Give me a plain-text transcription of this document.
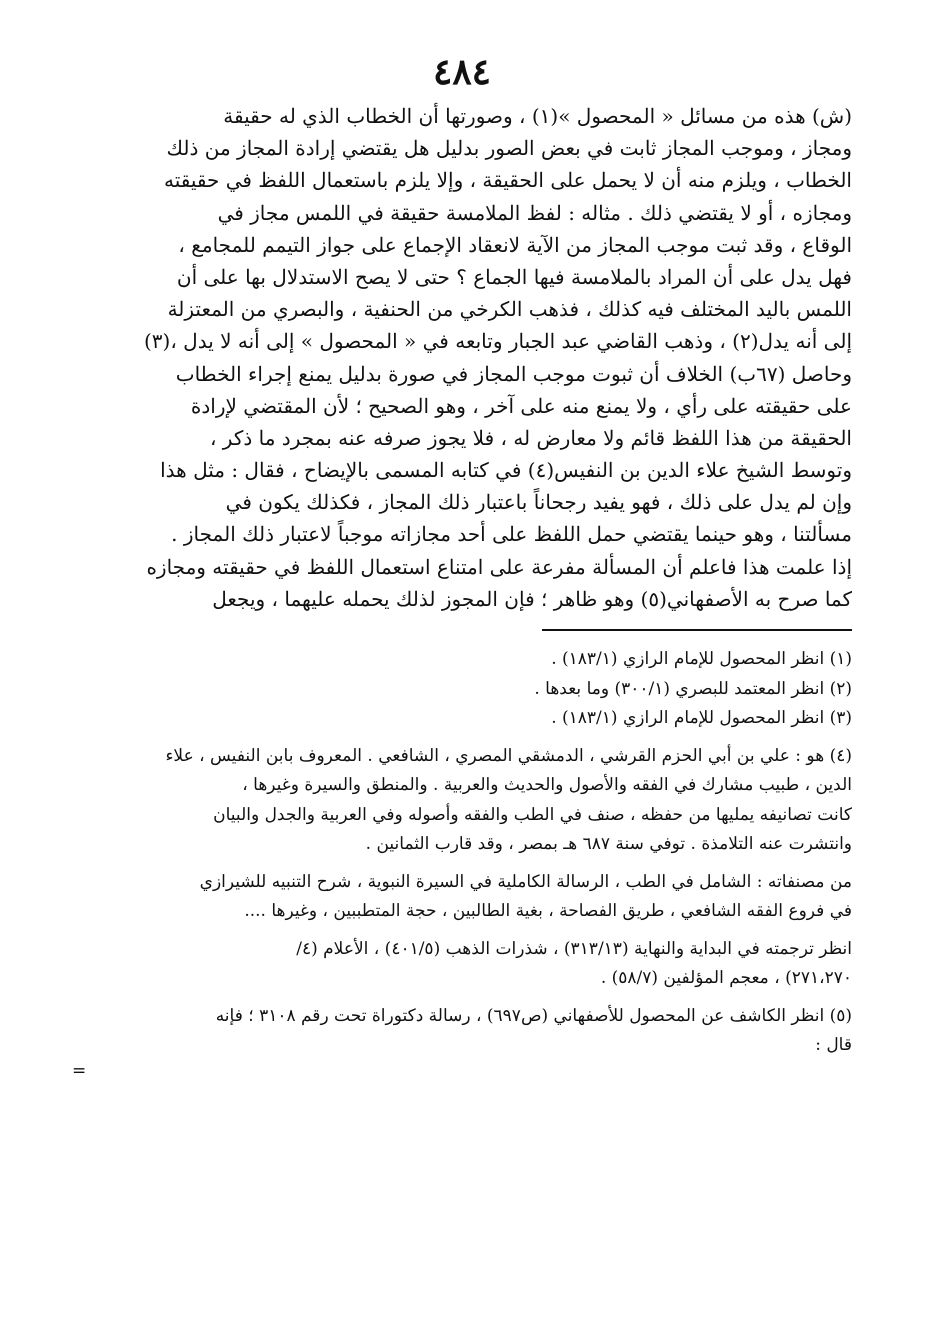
٤٨٤
(ش) هذه من مسائل « المحصول »(١) ، وصورتها أن الخطاب الذي له حقيقة
ومجاز ، وموجب المجاز ثابت في بعض الصور بدليل هل يقتضي إرادة المجاز من ذلك
الخطاب ، ويلزم منه أن لا يحمل على الحقيقة ، وإلا يلزم باستعمال اللفظ في حقيقته
ومجازه ، أو لا يقتضي ذلك . مثاله : لفظ الملامسة حقيقة في اللمس مجاز في
الوقاع ، وقد ثبت موجب المجاز من الآية لانعقاد الإجماع على جواز التيمم للمجامع ،
فهل يدل على أن المراد بالملامسة فيها الجماع ؟ حتى لا يصح الاستدلال بها على أن
اللمس باليد المختلف فيه كذلك ، فذهب الكرخي من الحنفية ، والبصري من المعتزلة
إلى أنه يدل(٢) ، وذهب القاضي عبد الجبار وتابعه في « المحصول » إلى أنه لا يدل ،(٣)
وحاصل (٦٧ب) الخلاف أن ثبوت موجب المجاز في صورة بدليل يمنع إجراء الخطاب
على حقيقته على رأي ، ولا يمنع منه على آخر ، وهو الصحيح ؛ لأن المقتضي لإرادة
الحقيقة من هذا اللفظ قائم ولا معارض له ، فلا يجوز صرفه عنه بمجرد ما ذكر ،
وتوسط الشيخ علاء الدين بن النفيس(٤) في كتابه المسمى بالإيضاح ، فقال : مثل هذا
وإن لم يدل على ذلك ، فهو يفيد رجحاناً باعتبار ذلك المجاز ، فكذلك يكون في
مسألتنا ، وهو حينما يقتضي حمل اللفظ على أحد مجازاته موجباً لاعتبار ذلك المجاز .
إذا علمت هذا فاعلم أن المسألة مفرعة على امتناع استعمال اللفظ في حقيقته ومجازه
كما صرح به الأصفهاني(٥) وهو ظاهر ؛ فإن المجوز لذلك يحمله عليهما ، ويجعل
(١) انظر المحصول للإمام الرازي (١٨٣/١) .
(٢) انظر المعتمد للبصري (٣٠٠/١) وما بعدها .
(٣) انظر المحصول للإمام الرازي (١٨٣/١) .
(٤) هو : علي بن أبي الحزم القرشي ، الدمشقي المصري ، الشافعي . المعروف بابن النفيس ، علاء
الدين ، طبيب مشارك في الفقه والأصول والحديث والعربية . والمنطق والسيرة وغيرها ،
كانت تصانيفه يمليها من حفظه ، صنف في الطب والفقه وأصوله وفي العربية والجدل والبيان
وانتشرت عنه التلامذة . توفي سنة ٦٨٧ هـ بمصر ، وقد قارب الثمانين .
من مصنفاته : الشامل في الطب ، الرسالة الكاملية في السيرة النبوية ، شرح التنبيه للشيرازي
في فروع الفقه الشافعي ، طريق الفصاحة ، بغية الطالبين ، حجة المتطببين ، وغيرها ....
انظر ترجمته في البداية والنهاية (٣١٣/١٣) ، شذرات الذهب (٤٠١/٥) ، الأعلام (٤/
٢٧١،٢٧٠) ، معجم المؤلفين (٥٨/٧) .
(٥) انظر الكاشف عن المحصول للأصفهاني (ص٦٩٧) ، رسالة دكتوراة تحت رقم ٣١٠٨ ؛ فإنه
قال :
=
